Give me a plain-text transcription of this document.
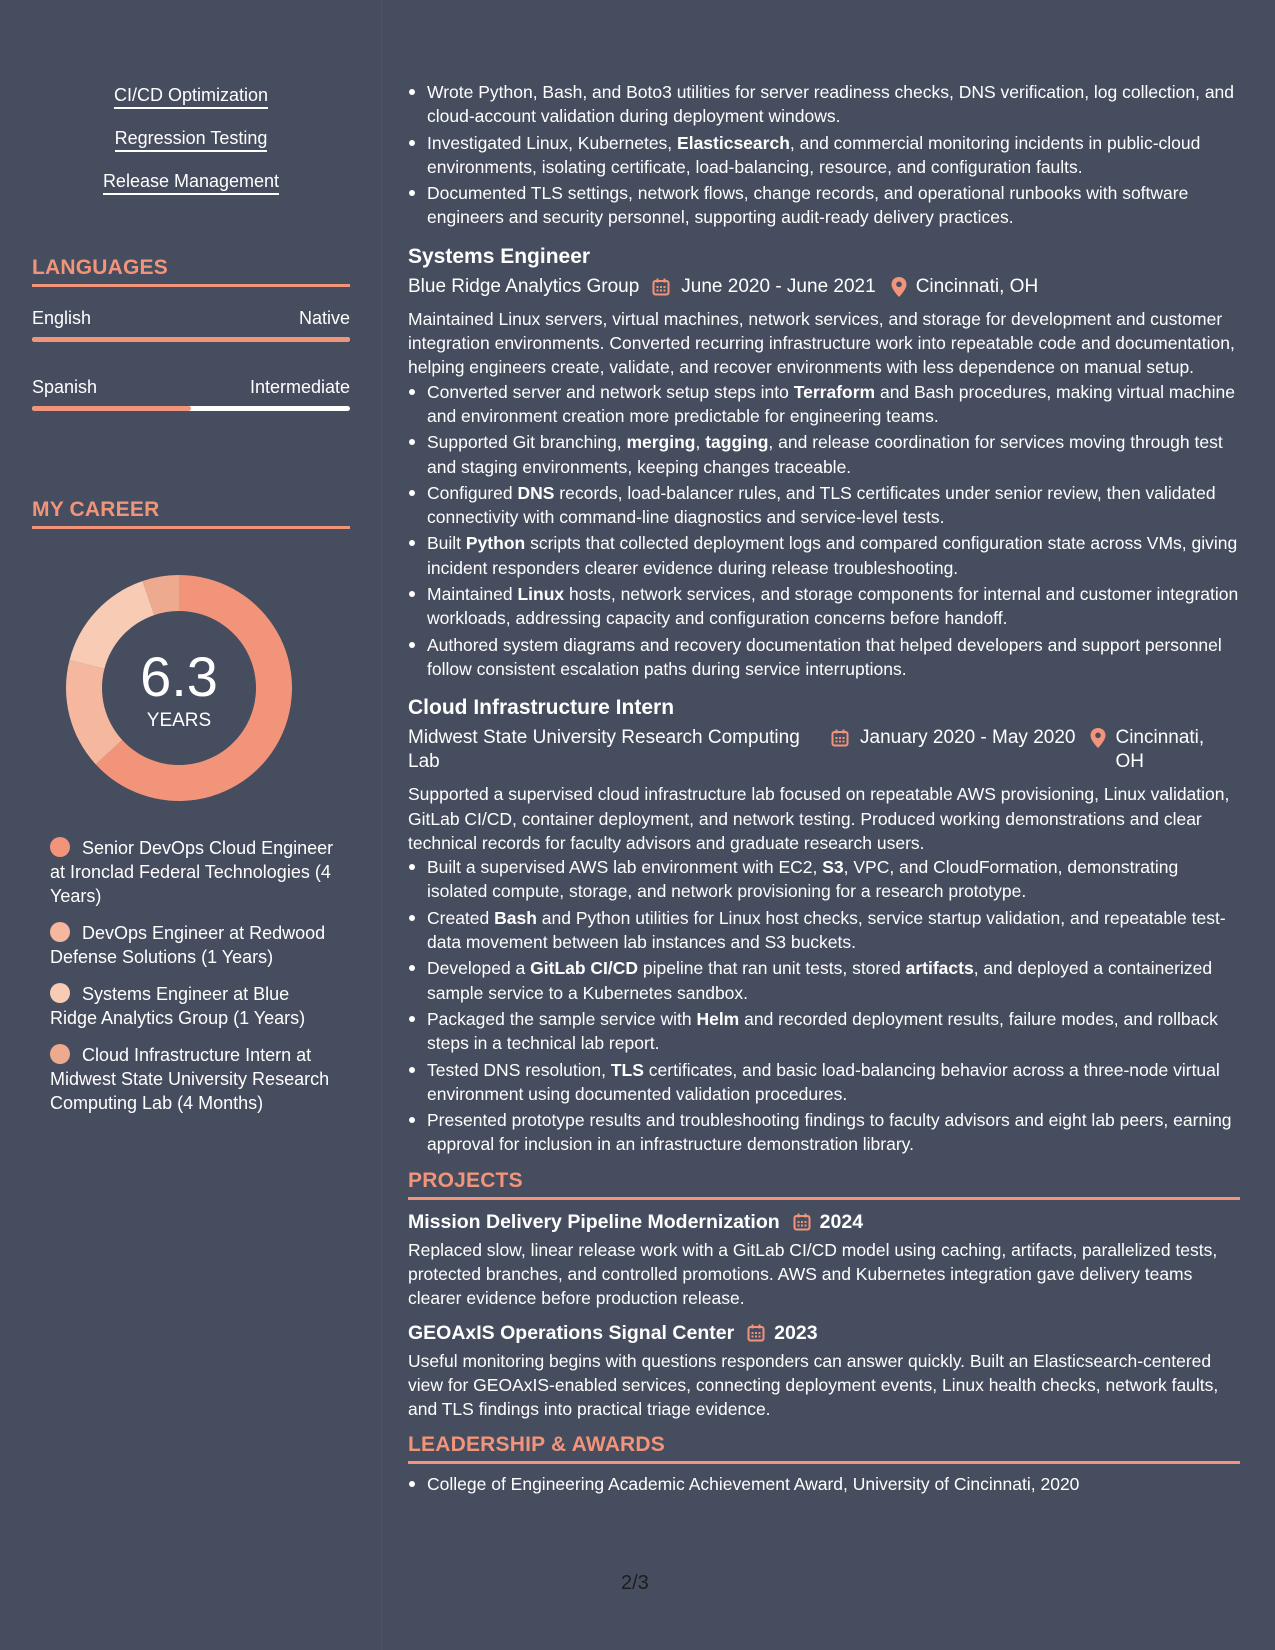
CI/CD Optimization
Regression Testing
Release Management
LANGUAGES
English	Native
Spanish	Intermediate
MY CAREER
6.3
YEARS
Senior DevOps Cloud Engineer at Ironclad Federal Technologies (4 Years)
DevOps Engineer at Redwood Defense Solutions (1 Years)
Systems Engineer at Blue Ridge Analytics Group (1 Years)
Cloud Infrastructure Intern at Midwest State University Research Computing Lab (4 Months)
Wrote Python, Bash, and Boto3 utilities for server readiness checks, DNS verification, log collection, and cloud-account validation during deployment windows.
Investigated Linux, Kubernetes, Elasticsearch, and commercial monitoring incidents in public-cloud environments, isolating certificate, load-balancing, resource, and configuration faults.
Documented TLS settings, network flows, change records, and operational runbooks with software engineers and security personnel, supporting audit-ready delivery practices.
Systems Engineer
Blue Ridge Analytics Group June 2020 - June 2021 Cincinnati, OH
Maintained Linux servers, virtual machines, network services, and storage for development and customer integration environments. Converted recurring infrastructure work into repeatable code and documentation, helping engineers create, validate, and recover environments with less dependence on manual setup.
Converted server and network setup steps into Terraform and Bash procedures, making virtual machine and environment creation more predictable for engineering teams.
Supported Git branching, merging, tagging, and release coordination for services moving through test and staging environments, keeping changes traceable.
Configured DNS records, load-balancer rules, and TLS certificates under senior review, then validated connectivity with command-line diagnostics and service-level tests.
Built Python scripts that collected deployment logs and compared configuration state across VMs, giving incident responders clearer evidence during release troubleshooting.
Maintained Linux hosts, network services, and storage components for internal and customer integration workloads, addressing capacity and configuration concerns before handoff.
Authored system diagrams and recovery documentation that helped developers and support personnel follow consistent escalation paths during service interruptions.
Cloud Infrastructure Intern
Midwest State University Research Computing Lab
January 2020 - May 2020 Cincinnati, OH
Supported a supervised cloud infrastructure lab focused on repeatable AWS provisioning, Linux validation, GitLab CI/CD, container deployment, and network testing. Produced working demonstrations and clear technical records for faculty advisors and graduate research users.
Built a supervised AWS lab environment with EC2, S3, VPC, and CloudFormation, demonstrating isolated compute, storage, and network provisioning for a research prototype.
Created Bash and Python utilities for Linux host checks, service startup validation, and repeatable test-data movement between lab instances and S3 buckets.
Developed a GitLab CI/CD pipeline that ran unit tests, stored artifacts, and deployed a containerized sample service to a Kubernetes sandbox.
Packaged the sample service with Helm and recorded deployment results, failure modes, and rollback steps in a technical lab report.
Tested DNS resolution, TLS certificates, and basic load-balancing behavior across a three-node virtual environment using documented validation procedures.
Presented prototype results and troubleshooting findings to faculty advisors and eight lab peers, earning approval for inclusion in an infrastructure demonstration library.
PROJECTS
Mission Delivery Pipeline Modernization 2024
Replaced slow, linear release work with a GitLab CI/CD model using caching, artifacts, parallelized tests, protected branches, and controlled promotions. AWS and Kubernetes integration gave delivery teams clearer evidence before production release.
GEOAxIS Operations Signal Center 2023
Useful monitoring begins with questions responders can answer quickly. Built an Elasticsearch-centered view for GEOAxIS-enabled services, connecting deployment events, Linux health checks, network faults, and TLS findings into practical triage evidence.
LEADERSHIP & AWARDS
College of Engineering Academic Achievement Award, University of Cincinnati, 2020
2/3
